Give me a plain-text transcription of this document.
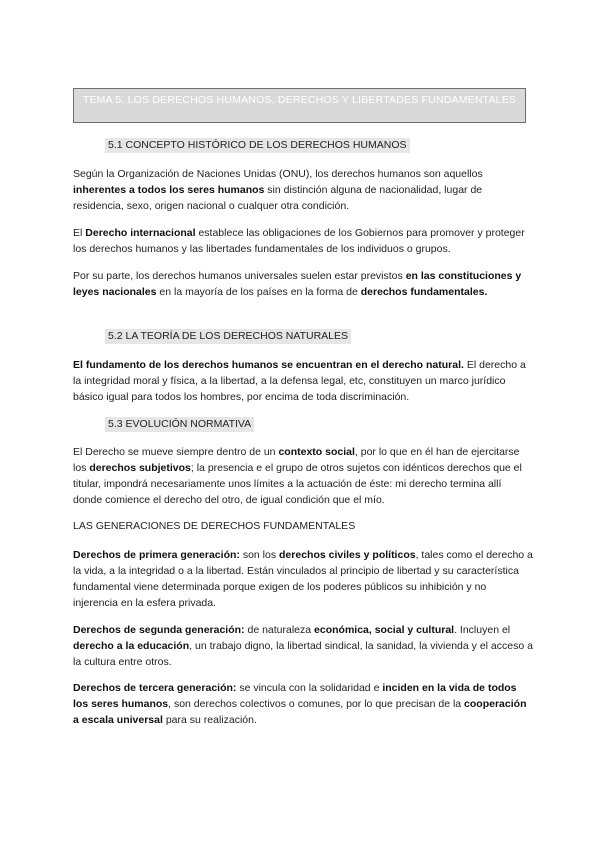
TEMA 5. LOS DERECHOS HUMANOS, DERECHOS Y LIBERTADES FUNDAMENTALES
5.1 CONCEPTO HISTÓRICO DE LOS DERECHOS HUMANOS
Según la Organización de Naciones Unidas (ONU), los derechos humanos son aquellos inherentes a todos los seres humanos sin distinción alguna de nacionalidad, lugar de residencia, sexo, origen nacional o cualquer otra condición.
El Derecho internacional establece las obligaciones de los Gobiernos para promover y proteger los derechos humanos y las libertades fundamentales de los individuos o grupos.
Por su parte, los derechos humanos universales suelen estar previstos en las constituciones y leyes nacionales en la mayoría de los países en la forma de derechos fundamentales.
5.2 LA TEORÍA DE LOS DERECHOS NATURALES
El fundamento de los derechos humanos se encuentran en el derecho natural. El derecho a la integridad moral y física, a la libertad, a la defensa legal, etc, constituyen un marco jurídico básico igual para todos los hombres, por encima de toda discriminación.
5.3 EVOLUCIÓN NORMATIVA
El Derecho se mueve siempre dentro de un contexto social, por lo que en él han de ejercitarse los derechos subjetivos; la presencia e el grupo de otros sujetos con idénticos derechos que el titular, impondrá necesariamente unos límites a la actuación de éste: mi derecho termina allí donde comience el derecho del otro, de igual condición que el mío.
LAS GENERACIONES DE DERECHOS FUNDAMENTALES
Derechos de primera generación: son los derechos civiles y políticos, tales como el derecho a la vida, a la integridad o a la libertad. Están vinculados al principio de libertad y su característica fundamental viene determinada porque exigen de los poderes públicos su inhibición y no injerencia en la esfera privada.
Derechos de segunda generación: de naturaleza económica, social y cultural. Incluyen el derecho a la educación, un trabajo digno, la libertad sindical, la sanidad, la vivienda y el acceso a la cultura entre otros.
Derechos de tercera generación: se vincula con la solidaridad e inciden en la vida de todos los seres humanos, son derechos colectivos o comunes, por lo que precisan de la cooperación a escala universal para su realización.
